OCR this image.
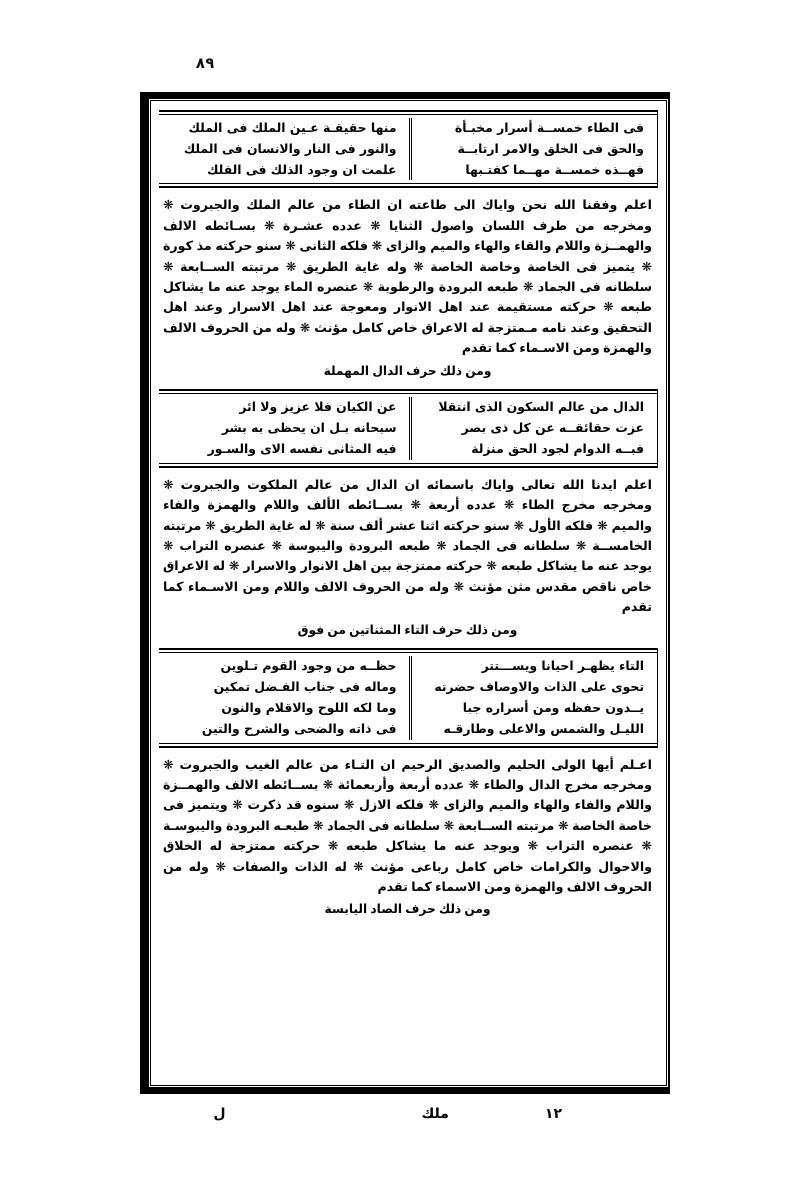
٨٩
فى الطاء خمســة أسرار مخبـأة
والحق فى الخلق والامر ارتابــة
فهــذه خمســة مهــما كفتـبها
منها حقيقـة عـين الملك فى الملك
والنور فى النار والانسان فى الملك
علمت ان وجود الذلك فى الفلك

اعلم وفقنا الله نحن واياك الى طاعته ان الطاء من عالم الملك والجبروت ❋ ومخرجه من طرف اللسان واصول الثنايا ❋ عدده عشـرة ❋ بسـائطه الالف والهمــزة واللام والقاء والهاء والميم والزاى ❋ فلكه الثانى ❋ سنو حركته مذ كورة ❋ يتميز فى الخاصة وخاصة الخاصة ❋ وله غاية الطريق ❋ مرتبته الســابعة ❋ سلطانه فى الجماد ❋ طبعه البرودة والرطوبة ❋ عنصره الماء يوجد عنه ما يشاكل طبعه ❋ حركته مستقيمة عند اهل الانوار ومعوجة عند اهل الاسرار وعند اهل التحقيق وعند نامه مـمتزجة له الاعراق خاص كامل مؤنث ❋ وله من الحروف الالف والهمزة ومن الاسـماء كما تقدم

ومن ذلك حرف الدال المهملة

الدال من عالم السكون الذى انتقلا
عزت حقائقــه عن كل ذى بصر
فبــه الدوام لجود الحق منزلة
عن الكيان فلا عزيز ولا ائر
سبحانه بـل ان يحظى به بشر
فيه المثانى نفسه الاى والسـور

اعلم ايدنا الله تعالى واياك باسمائه ان الدال من عالم الملكوت والجبروت ❋ ومخرجه مخرج الطاء ❋ عدده أربعة ❋ بســائطه الألف واللام والهمزة والفاء والميم ❋ فلكه الأول ❋ سنو حركته اثنا عشر ألف سنة ❋ له غاية الطريق ❋ مرتبته الخامســة ❋ سلطانه فى الجماد ❋ طبعه البرودة واليبوسة ❋ عنصره التراب ❋ يوجد عنه ما يشاكل طبعه ❋ حركته ممتزجة بين اهل الانوار والاسرار ❋ له الاعراق خاص ناقص مقدس مثن مؤنث ❋ وله من الحروف الالف واللام ومن الاسـماء كما تقدم

ومن ذلك حرف التاء المثناتين من فوق

التاء يظهـر احيانا ويســـتتر
تحوى على الذات والاوصاف حضرته
يــدون حفظه ومن أسراره جبا
الليـل والشمس والاعلى وطارقـه
حظــه من وجود القوم تـلوين
وماله فى جناب الفـضل تمكين
وما لكه اللوح والاقلام والنون
فى ذاته والضحى والشرح والتين

اعـلم أيها الولى الحليم والصديق الرحيم ان التـاء من عالم الغيب والجبروت ❋ ومخرجه مخرج الدال والطاء ❋ عدده أربعة وأربعمائة ❋ بســائطه الالف والهمــزة واللام والفاء والهاء والميم والزاى ❋ فلكه الازل ❋ سنوه قد ذكرت ❋ ويتميز فى خاصة الخاصة ❋ مرتبته الســابعة ❋ سلطانه فى الجماد ❋ طبعـه البرودة واليبوسـة ❋ عنصره التراب ❋ ويوجد عنه ما يشاكل طبعه ❋ حركته ممتزجة له الخلاق والاحوال والكرامات خاص كامل رباعى مؤنث ❋ له الذات والصفات ❋ وله من الحروف الالف والهمزة ومن الاسماء كما تقدم

ومن ذلك حرف الصاد اليابسة

١٢
ملك
ل
